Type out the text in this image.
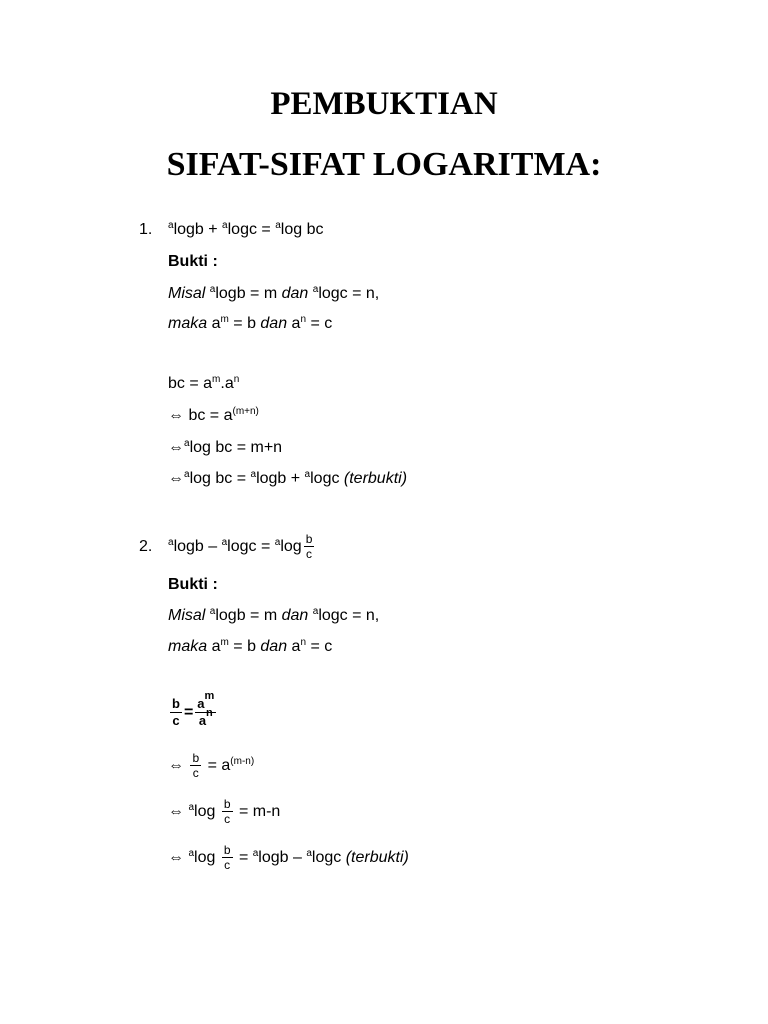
PEMBUKTIAN
SIFAT-SIFAT LOGARITMA:
1. $^a$logb + $^a$logc = $^a$log bc
Bukti :
Misal $^a$logb = m dan $^a$logc = n,
maka $a^m = b$ dan $a^n = c$
bc = $a^m.a^n$
⇔ bc = $a^{(m+n)}$
⇔$^a$log bc = m+n
⇔$^a$log bc = $^a$logb + $^a$logc (terbukti)
2. $^a\log b - ^a\log c = ^a\log \frac{b}{c}$
Bukti :
Misal $^a$logb = m dan $^a$logc = n,
maka $a^m = b$ dan $a^n = c$
$\frac{b}{c} = \frac{a^m}{a^n}$
⇔ $\frac{b}{c} = a^{(m-n)}$
⇔ $^a\log \frac{b}{c} = m-n$
⇔ $^a\log \frac{b}{c} = ^a\log b - ^a\log c$ (terbukti)
